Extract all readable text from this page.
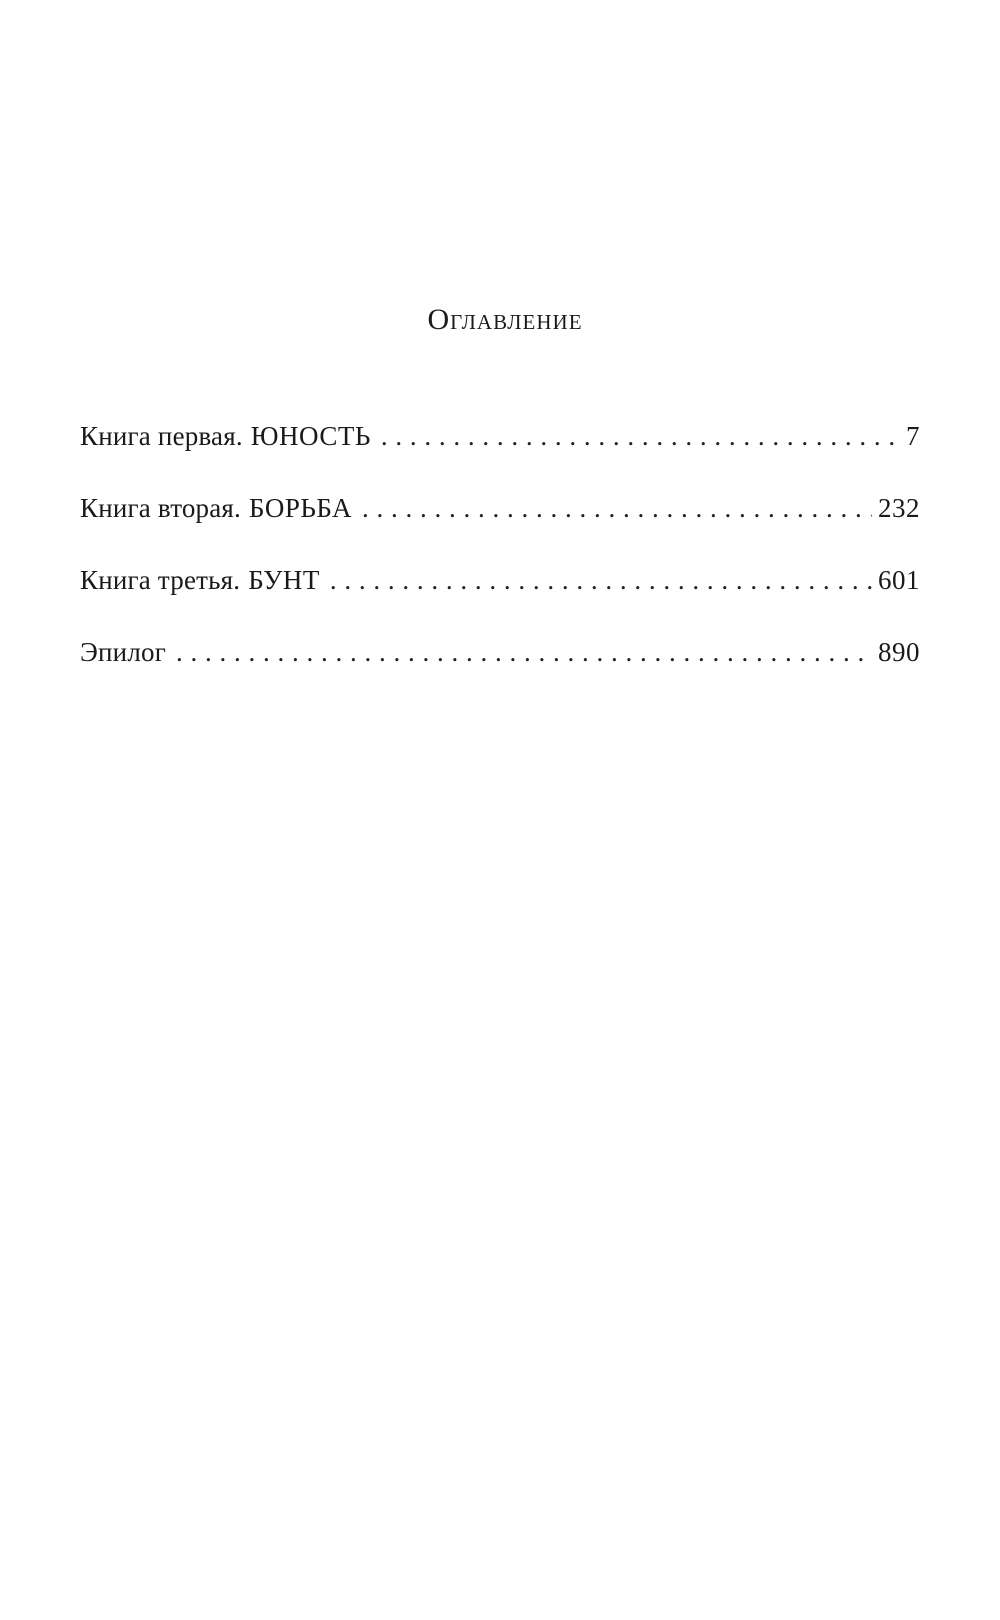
Оглавление
Книга первая. ЮНОСТЬ . . .	7
Книга вторая. БОРЬБА . . .	232
Книга третья. БУНТ . . .	601
Эпилог . . .	890
